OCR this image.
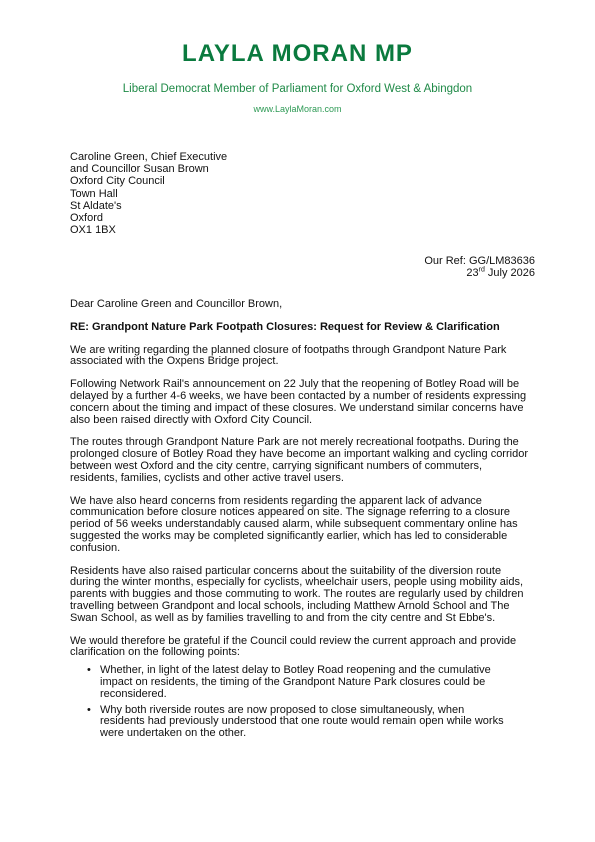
LAYLA MORAN MP
Liberal Democrat Member of Parliament for Oxford West & Abingdon
www.LaylaMoran.com
Caroline Green, Chief Executive
and Councillor Susan Brown
Oxford City Council
Town Hall
St Aldate's
Oxford
OX1 1BX
Our Ref: GG/LM83636
23rd July 2026

Dear Caroline Green and Councillor Brown,

RE: Grandpont Nature Park Footpath Closures: Request for Review & Clarification

We are writing regarding the planned closure of footpaths through Grandpont Nature Park associated with the Oxpens Bridge project.

Following Network Rail's announcement on 22 July that the reopening of Botley Road will be delayed by a further 4-6 weeks, we have been contacted by a number of residents expressing concern about the timing and impact of these closures. We understand similar concerns have also been raised directly with Oxford City Council.

The routes through Grandpont Nature Park are not merely recreational footpaths. During the prolonged closure of Botley Road they have become an important walking and cycling corridor between west Oxford and the city centre, carrying significant numbers of commuters, residents, families, cyclists and other active travel users.

We have also heard concerns from residents regarding the apparent lack of advance communication before closure notices appeared on site. The signage referring to a closure period of 56 weeks understandably caused alarm, while subsequent commentary online has suggested the works may be completed significantly earlier, which has led to considerable confusion.

Residents have also raised particular concerns about the suitability of the diversion route during the winter months, especially for cyclists, wheelchair users, people using mobility aids, parents with buggies and those commuting to work. The routes are regularly used by children travelling between Grandpont and local schools, including Matthew Arnold School and The Swan School, as well as by families travelling to and from the city centre and St Ebbe's.

We would therefore be grateful if the Council could review the current approach and provide clarification on the following points:

• Whether, in light of the latest delay to Botley Road reopening and the cumulative impact on residents, the timing of the Grandpont Nature Park closures could be reconsidered.
• Why both riverside routes are now proposed to close simultaneously, when residents had previously understood that one route would remain open while works were undertaken on the other.
